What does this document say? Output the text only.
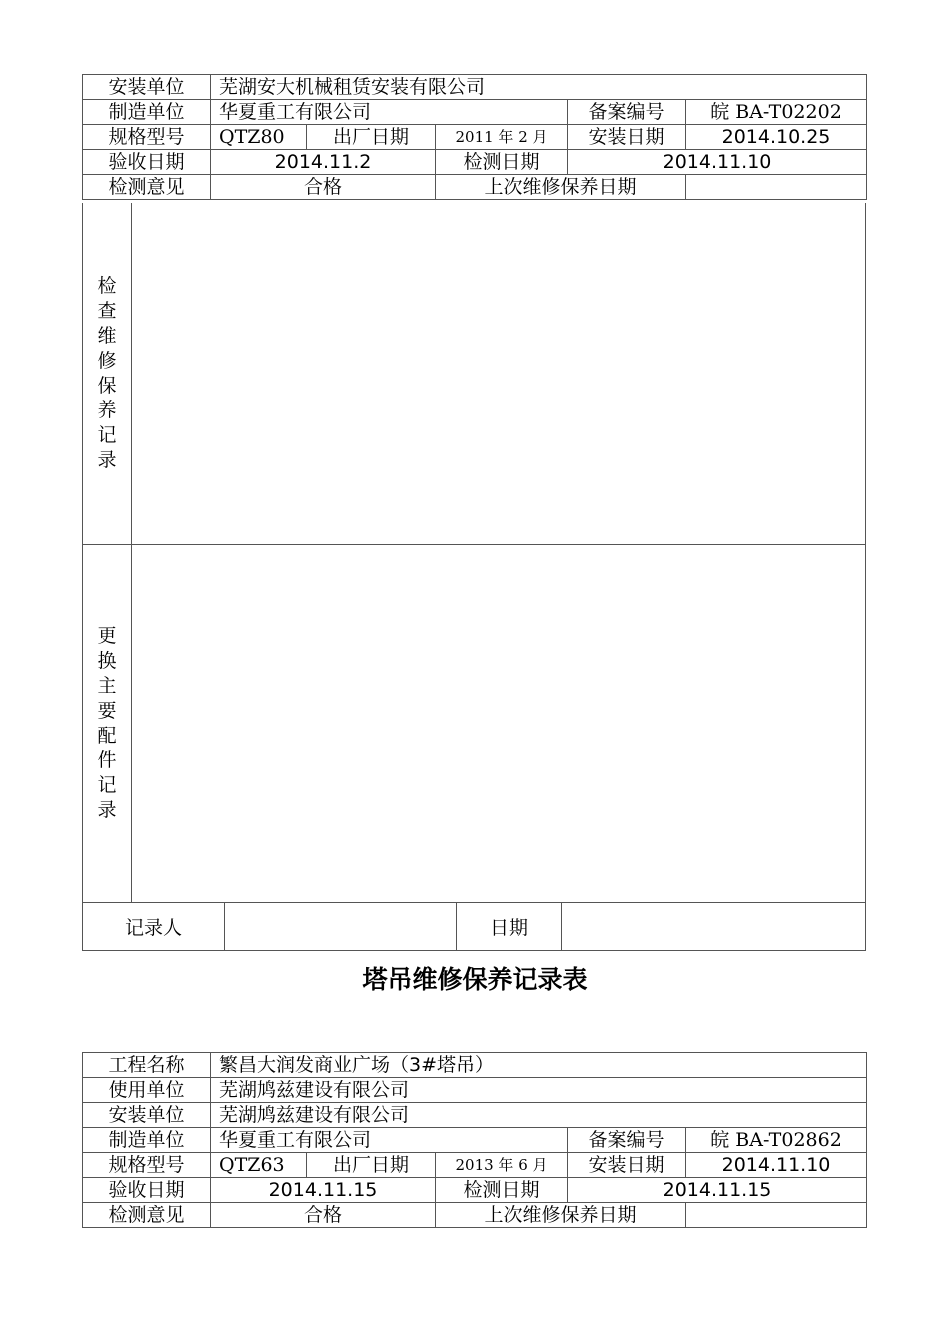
安装单位	芜湖安大机械租赁安装有限公司				
制造单位	华夏重工有限公司			备案编号	皖 BA-T02202
规格型号	QTZ80	出厂日期	2011 年 2 月	安装日期	2014.10.25
验收日期	2014.11.2		检测日期	2014.11.10	
检测意见	合格		上次维修保养日期		
检
查
维
修
保
养
记
录
更
换
主
要
配
件
记
录
记录人	日期
塔吊维修保养记录表
工程名称	繁昌大润发商业广场（3#塔吊）				
使用单位	芜湖鸠兹建设有限公司				
安装单位	芜湖鸠兹建设有限公司				
制造单位	华夏重工有限公司			备案编号	皖 BA-T02862
规格型号	QTZ63	出厂日期	2013 年 6 月	安装日期	2014.11.10
验收日期	2014.11.15		检测日期	2014.11.15	
检测意见	合格		上次维修保养日期		
